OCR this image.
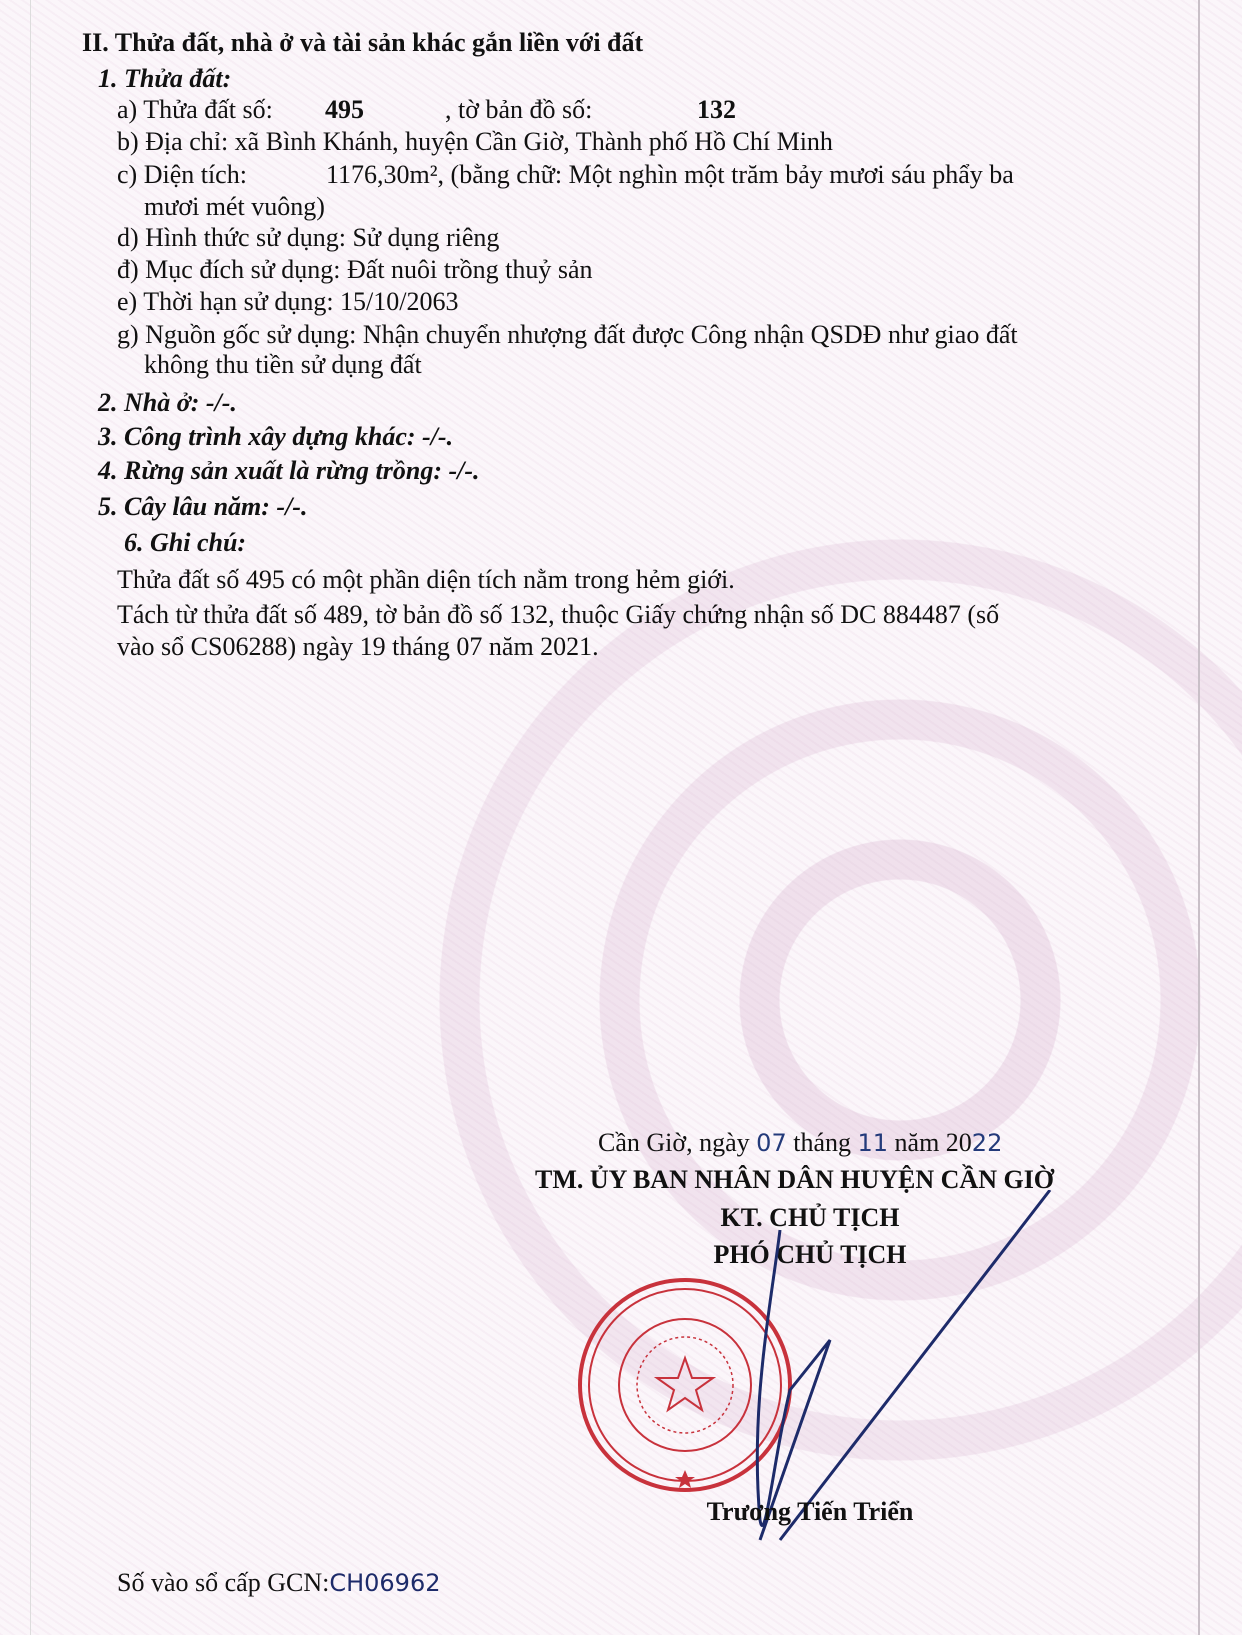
II. Thửa đất, nhà ở và tài sản khác gắn liền với đất
1. Thửa đất:
a) Thửa đất số: 495	, tờ bản đồ số:	132
b) Địa chỉ: xã Bình Khánh, huyện Cần Giờ, Thành phố Hồ Chí Minh
c) Diện tích:	1176,30m², (bằng chữ: Một nghìn một trăm bảy mươi sáu phẩy ba
mươi mét vuông)
d) Hình thức sử dụng: Sử dụng riêng
đ) Mục đích sử dụng: Đất nuôi trồng thuỷ sản
e) Thời hạn sử dụng: 15/10/2063
g) Nguồn gốc sử dụng: Nhận chuyển nhượng đất được Công nhận QSDĐ như giao đất
không thu tiền sử dụng đất
2. Nhà ở: -/-.
3. Công trình xây dựng khác: -/-.
4. Rừng sản xuất là rừng trồng: -/-.
5. Cây lâu năm: -/-.
6. Ghi chú:
Thửa đất số 495 có một phần diện tích nằm trong hẻm giới.
Tách từ thửa đất số 489, tờ bản đồ số 132, thuộc Giấy chứng nhận số DC 884487 (số
vào sổ CS06288) ngày 19 tháng 07 năm 2021.
Cần Giờ, ngày 07 tháng 11 năm 2022
TM. ỦY BAN NHÂN DÂN HUYỆN CẦN GIỜ
KT. CHỦ TỊCH
PHÓ CHỦ TỊCH
Trương Tiến Triển
Số vào sổ cấp GCN:CH06962
